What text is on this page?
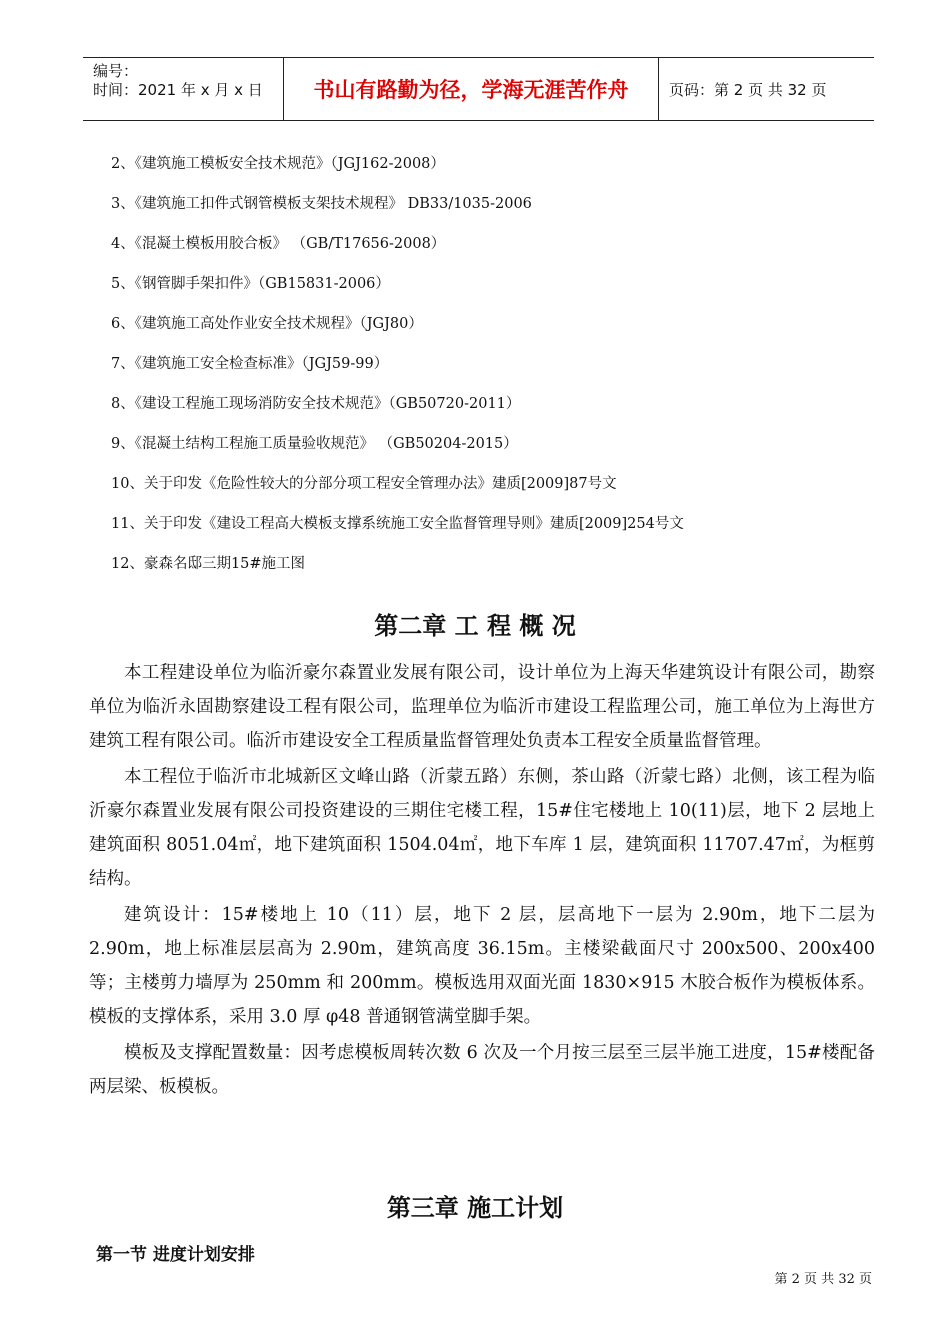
编号：
时间：2021 年 x 月 x 日	书山有路勤为径，学海无涯苦作舟	页码：第 2 页 共 32 页
2、《建筑施工模板安全技术规范》（JGJ162-2008）
3、《建筑施工扣件式钢管模板支架技术规程》 DB33/1035-2006
4、《混凝土模板用胶合板》 （GB/T17656-2008）
5、《钢管脚手架扣件》（GB15831-2006）
6、《建筑施工高处作业安全技术规程》（JGJ80）
7、《建筑施工安全检查标准》（JGJ59-99）
8、《建设工程施工现场消防安全技术规范》（GB50720-2011）
9、《混凝土结构工程施工质量验收规范》 （GB50204-2015）
10、关于印发《危险性较大的分部分项工程安全管理办法》建质[2009]87号文
11、关于印发《建设工程高大模板支撑系统施工安全监督管理导则》建质[2009]254号文
12、豪森名邸三期15#施工图
第二章 工 程 概 况

本工程建设单位为临沂豪尔森置业发展有限公司，设计单位为上海天华建筑设计有限公司，勘察单位为临沂永固勘察建设工程有限公司，监理单位为临沂市建设工程监理公司，施工单位为上海世方建筑工程有限公司。临沂市建设安全工程质量监督管理处负责本工程安全质量监督管理。

本工程位于临沂市北城新区文峰山路（沂蒙五路）东侧，茶山路（沂蒙七路）北侧，该工程为临沂豪尔森置业发展有限公司投资建设的三期住宅楼工程，15#住宅楼地上 10(11)层，地下 2 层地上建筑面积 8051.04㎡，地下建筑面积 1504.04㎡，地下车库 1 层，建筑面积 11707.47㎡，为框剪结构。

建筑设计：15#楼地上 10（11）层，地下 2 层，层高地下一层为 2.90m，地下二层为 2.90m，地上标准层层高为 2.90m，建筑高度 36.15m。主楼梁截面尺寸 200x500、200x400 等；主楼剪力墙厚为 250mm 和 200mm。模板选用双面光面 1830×915 木胶合板作为模板体系。模板的支撑体系，采用 3.0 厚 φ48 普通钢管满堂脚手架。

模板及支撑配置数量：因考虑模板周转次数 6 次及一个月按三层至三层半施工进度，15#楼配备两层梁、板模板。

第三章 施工计划
第一节 进度计划安排
第 2 页 共 32 页
